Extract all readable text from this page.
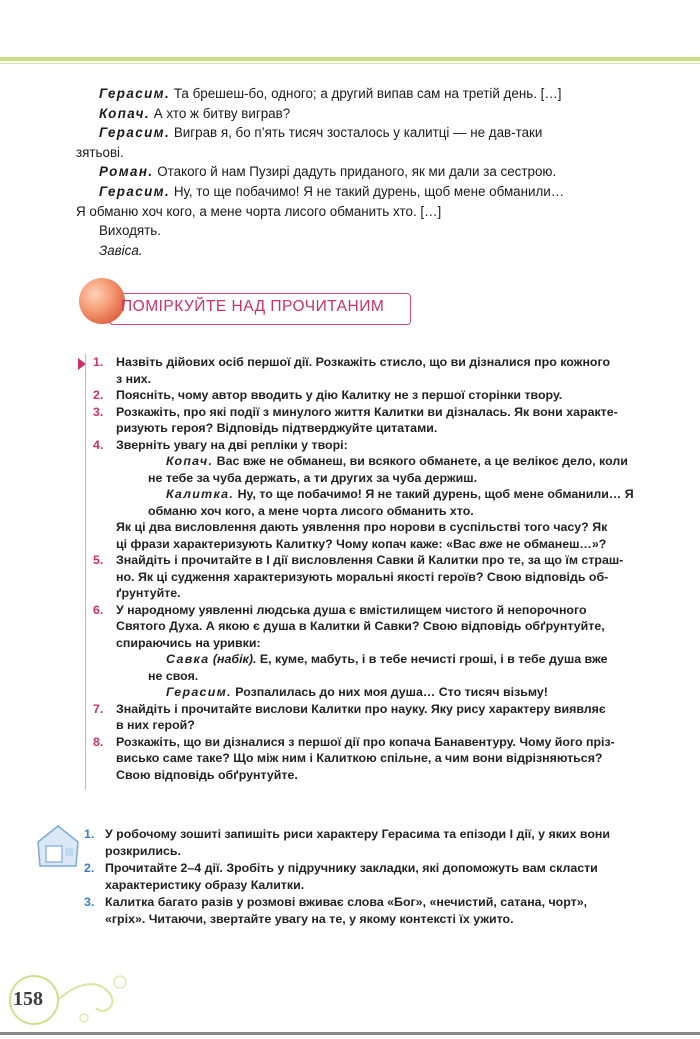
Герасим. Та брешеш-бо, одного; а другий випав сам на третій день. […]

Копач. А хто ж битву виграв?

Герасим. Виграв я, бо п’ять тисяч зосталось у калитці — не дав-таки

зятьові.

Роман. Отакого й нам Пузирі дадуть приданого, як ми дали за сестрою.

Герасим. Ну, то ще побачимо! Я не такий дурень, щоб мене обманили…

Я обманю хоч кого, а мене чорта лисого обманить хто. […]

Виходять.

Завіса.

ПОМІРКУЙТЕ НАД ПРОЧИТАНИМ
1. Назвіть дійових осіб першої дії. Розкажіть стисло, що ви дізналися про кожного
з них.
2. Поясніть, чому автор вводить у дію Калитку не з першої сторінки твору.
3. Розкажіть, про які події з минулого життя Калитки ви дізналась. Як вони характе-
ризують героя? Відповідь підтверджуйте цитатами.
4. Зверніть увагу на дві репліки у творі:
Копач. Вас вже не обманеш, ви всякого обманете, а це велікоє дело, коли
не тебе за чуба держать, а ти других за чуба держиш.
Калитка. Ну, то ще побачимо! Я не такий дурень, щоб мене обманили… Я
обманю хоч кого, а мене чорта лисого обманить хто.
Як ці два висловлення дають уявлення про норови в суспільстві того часу? Як
ці фрази характеризують Калитку? Чому копач каже: «Вас вже не обманеш…»?
5. Знайдіть і прочитайте в І дії висловлення Савки й Калитки про те, за що їм страш-
но. Як ці судження характеризують моральні якості героїв? Свою відповідь об-
ґрунтуйте.
6. У народному уявленні людська душа є вмістилищем чистого й непорочного
Святого Духа. А якою є душа в Калитки й Савки? Свою відповідь обґрунтуйте,
спираючись на уривки:
Савка (набік). Е, куме, мабуть, і в тебе нечисті гроші, і в тебе душа вже
не своя.
Герасим. Розпалилась до них моя душа… Сто тисяч візьму!
7. Знайдіть і прочитайте вислови Калитки про науку. Яку рису характеру виявляє
в них герой?
8. Розкажіть, що ви дізналися з першої дії про копача Банавентуру. Чому його пріз-
висько саме таке? Що між ним і Калиткою спільне, а чим вони відрізняються?
Свою відповідь обґрунтуйте.
1. У робочому зошиті запишіть риси характеру Герасима та епізоди І дії, у яких вони
розкрились.
2. Прочитайте 2–4 дії. Зробіть у підручнику закладки, які допоможуть вам скласти
характеристику образу Калитки.
3. Калитка багато разів у розмові вживає слова «Бог», «нечистий, сатана, чорт»,
«гріх». Читаючи, звертайте увагу на те, у якому контексті їх ужито.
158
